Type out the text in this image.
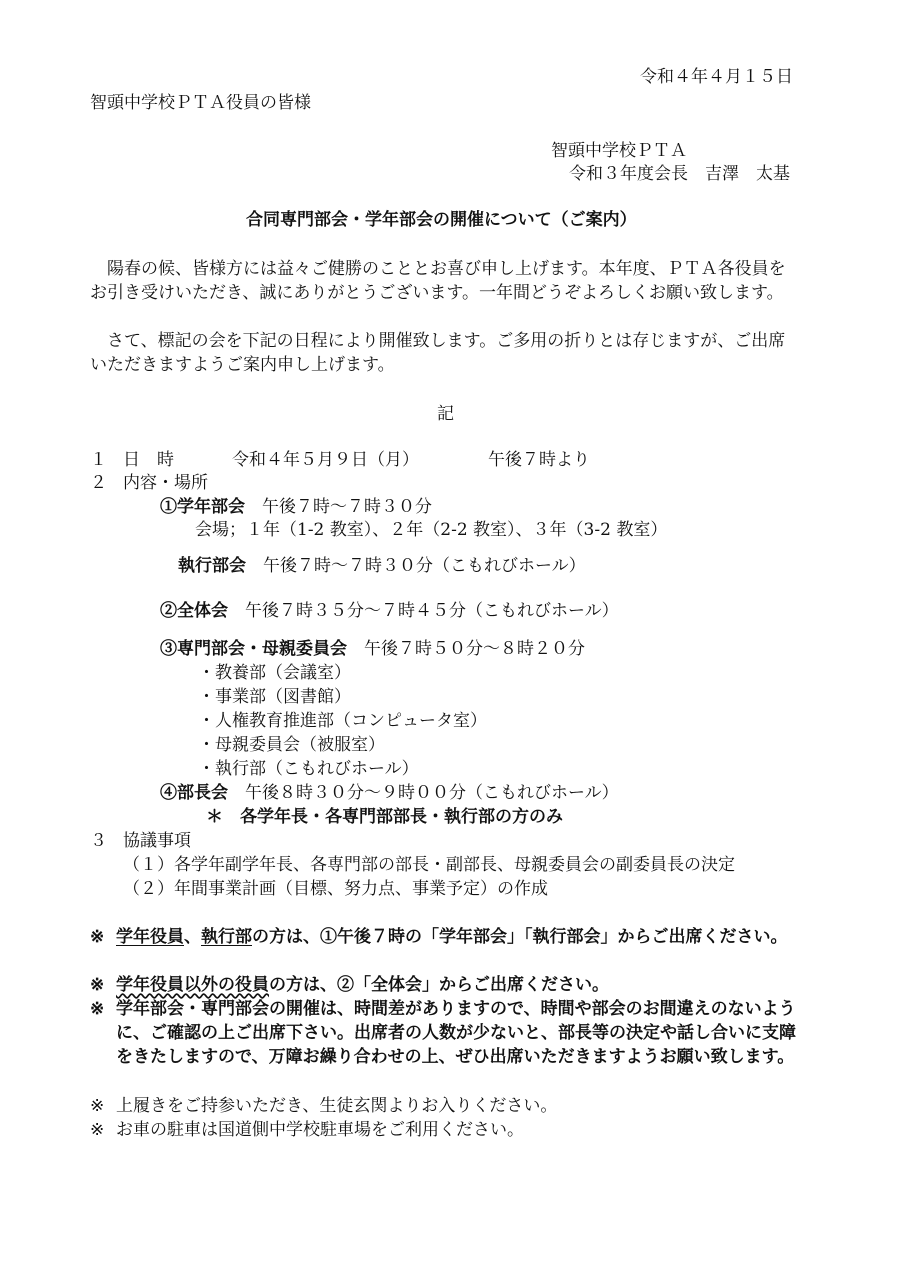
令和４年４月１５日
智頭中学校ＰＴＡ役員の皆様
智頭中学校ＰＴＡ
令和３年度会長　吉澤　太基
合同専門部会・学年部会の開催について（ご案内）
陽春の候、皆様方には益々ご健勝のこととお喜び申し上げます。本年度、ＰＴＡ各役員をお引き受けいただき、誠にありがとうございます。一年間どうぞよろしくお願い致します。
さて、標記の会を下記の日程により開催致します。ご多用の折りとは存じますが、ご出席いただきますようご案内申し上げます。
記
１ 日　時	令和４年５月９日（月）	午後７時より
２ 内容・場所
①学年部会　 午後７時～７時３０分
会場；１年（1-2 教室）、２年（2-2 教室）、３年（3-2 教室）
執行部会　 午後７時～７時３０分（こもれびホール）
②全体会　 午後７時３５分～７時４５分（こもれびホール）
③専門部会・母親委員会　 午後７時５０分～８時２０分
・教養部（会議室）
・事業部（図書館）
・人権教育推進部（コンピュータ室）
・母親委員会（被服室）
・執行部（こもれびホール）
④部長会　 午後８時３０分～９時００分（こもれびホール）
＊　各学年長・各専門部部長・執行部の方のみ
３ 協議事項
（１）各学年副学年長、各専門部の部長・副部長、母親委員会の副委員長の決定
（２）年間事業計画（目標、努力点、事業予定）の作成
※ 学年役員、執行部の方は、①午後７時の「学年部会」「執行部会」からご出席ください。
※ 学年役員以外の役員の方は、②「全体会」からご出席ください。
※ 学年部会・専門部会の開催は、時間差がありますので、時間や部会のお間違えのないように、ご確認の上ご出席下さい。出席者の人数が少ないと、部長等の決定や話し合いに支障をきたしますので、万障お繰り合わせの上、ぜひ出席いただきますようお願い致します。
※ 上履きをご持参いただき、生徒玄関よりお入りください。
※ お車の駐車は国道側中学校駐車場をご利用ください。
